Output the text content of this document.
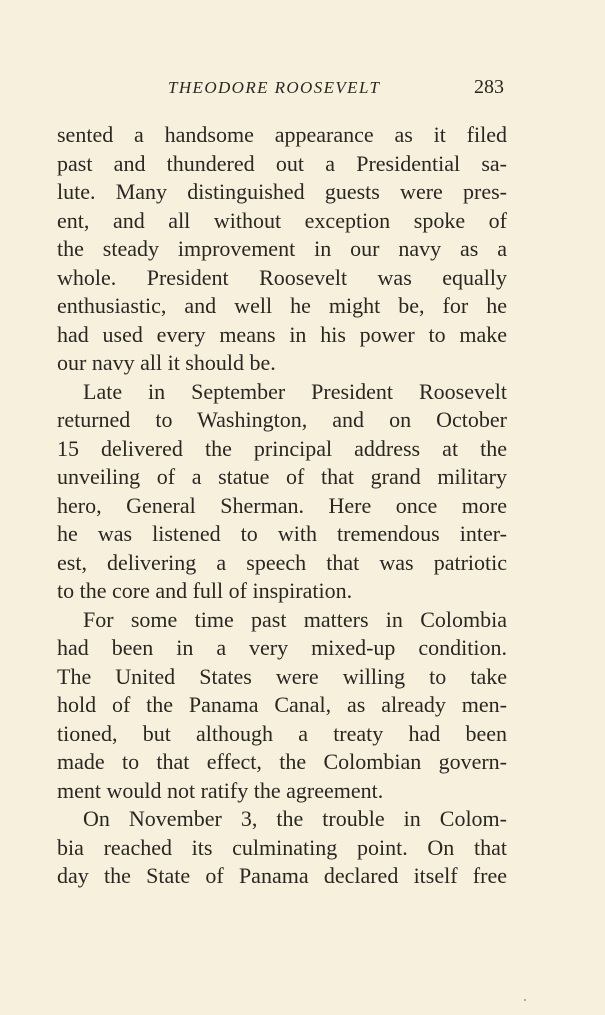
THEODORE ROOSEVELT	283
sented a handsome appearance as it filed
past and thundered out a Presidential sa-
lute. Many distinguished guests were pres-
ent, and all without exception spoke of
the steady improvement in our navy as a
whole. President Roosevelt was equally
enthusiastic, and well he might be, for he
had used every means in his power to make
our navy all it should be.
Late in September President Roosevelt
returned to Washington, and on October
15 delivered the principal address at the
unveiling of a statue of that grand military
hero, General Sherman. Here once more
he was listened to with tremendous inter-
est, delivering a speech that was patriotic
to the core and full of inspiration.
For some time past matters in Colombia
had been in a very mixed-up condition.
The United States were willing to take
hold of the Panama Canal, as already men-
tioned, but although a treaty had been
made to that effect, the Colombian govern-
ment would not ratify the agreement.
On November 3, the trouble in Colom-
bia reached its culminating point. On that
day the State of Panama declared itself free
